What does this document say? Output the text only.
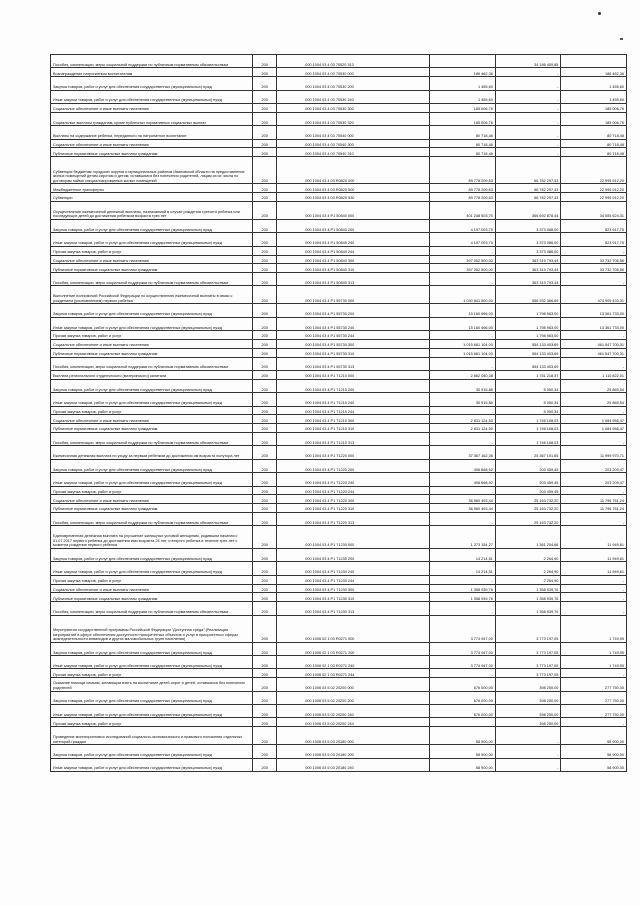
Пособия, компенсации, меры социальной поддержки по публичным нормативным обязательствам	200	000 1004 03 4 03 70520 313		34 186 400,85	
Вознаграждение патронатным воспитателям	200	000 1004 03 4 03 70530 000	186 462,36	-	186 462,36
Закупка товаров, работ и услуг для обеспечения государственных (муниципальных) нужд	200	000 1004 03 4 03 70530 200	1 455,60	-	1 455,60
Иные закупки товаров, работ и услуг для обеспечения государственных (муниципальных) нужд	200	000 1004 03 4 03 70530 240	1 455,60	-	1 455,60
Социальное обеспечение и иные выплаты населению	200	000 1004 03 4 03 70530 300	185 006,76	-	185 006,76
Социальные выплаты гражданам, кроме публичных нормативных социальных выплат	200	000 1004 03 4 03 70530 320	185 006,76	-	185 006,76
Выплаты на содержание ребенка, переданного на патронатное воспитание	200	000 1004 03 4 03 70540 000	80 718,48	-	80 718,48
Социальное обеспечение и иные выплаты населению	200	000 1004 03 4 03 70540 300	80 718,48	-	80 718,48
Публичные нормативные социальные выплаты гражданам	200	000 1004 03 4 03 70540 310	80 718,48	-	80 718,48
Субвенция бюджетам городских округов и муниципальных районов Ивановской области на предоставление жилых помещений детям-сиротам и детям, оставшимся без попечения родителей, лицам из их числа по договорам найма специализированных жилых помещений	200	000 1004 03 4 03 R0820 000	89 778 209,63	66 782 297,43	22 995 912,20
Межбюджетные трансферты	200	000 1004 03 4 03 R0820 500	89 778 209,63	66 782 297,43	22 995 912,20
Субвенции	200	000 1004 03 4 03 R0820 530	89 778 209,63	66 782 297,43	22 995 912,20
Осуществление ежемесячной денежной выплаты, назначаемой в случае рождения третьего ребенка или последующих детей до достижения ребенком возраста трех лет	200	000 1004 03 4 P1 50840 000	401 248 503,75	366 692 878,44	34 555 624,31
Закупка товаров, работ и услуг для обеспечения государственных (муниципальных) нужд	200	000 1004 03 4 P1 50840 200	4 197 003,75	3 373 086,00	823 917,75
Иные закупки товаров, работ и услуг для обеспечения государственных (муниципальных) нужд	200	000 1004 03 4 P1 50840 240	4 197 003,75	3 373 086,00	823 917,75
Прочая закупка товаров, работ и услуг	200	000 1004 03 4 P1 50840 244	-	3 373 086,00	-
Социальное обеспечение и иные выплаты населению	200	000 1004 03 4 P1 50840 300	397 052 500,00	363 319 793,44	33 732 706,56
Публичные нормативные социальные выплаты гражданам	200	000 1004 03 4 P1 50840 310	397 052 500,00	363 319 793,44	33 732 706,56
Пособия, компенсации, меры социальной поддержки по публичным нормативным обязательствам	200	000 1004 03 4 P1 50840 313	-	363 319 793,44	-
Выполнение полномочий Российской Федерации по осуществлению ежемесячной выплаты в связи с рождением (усыновлением) первого ребенка	200	000 1004 03 4 P1 55730 000	1 030 841 800,00	556 932 366,69	474 909 433,31
Закупка товаров, работ и услуг для обеспечения государственных (муниципальных) нужд	200	000 1004 03 4 P1 55730 200	15 160 696,00	1 798 963,00	13 361 733,00
Иные закупки товаров, работ и услуг для обеспечения государственных (муниципальных) нужд	200	000 1004 03 4 P1 55730 240	15 160 696,00	1 798 963,00	13 361 733,00
Прочая закупка товаров, работ и услуг	200	000 1004 03 4 P1 55730 244	-	1 798 963,00	-
Социальное обеспечение и иные выплаты населению	200	000 1004 03 4 P1 55730 300	1 015 681 104,00	554 133 403,69	461 547 700,31
Публичные нормативные социальные выплаты гражданам	200	000 1004 03 4 P1 55730 310	1 015 681 104,00	554 133 403,69	461 547 700,31
Пособия, компенсации, меры социальной поддержки по публичным нормативным обязательствам	200	000 1004 03 4 P1 55730 313	-	554 133 403,69	-
Выплата регионального студенческого (материнского) капитала	200	000 1004 03 4 P1 71210 000	2 862 040,38	1 751 218,37	1 110 822,01
Закупка товаров, работ и услуг для обеспечения государственных (муниципальных) нужд	200	000 1004 03 4 P1 71210 200	30 915,88	5 050,34	25 865,54
Иные закупки товаров, работ и услуг для обеспечения государственных (муниципальных) нужд	200	000 1004 03 4 P1 71210 240	30 915,88	5 050,34	25 865,54
Прочая закупка товаров, работ и услуг	200	000 1004 03 4 P1 71210 244	-	5 050,34	-
Социальное обеспечение и иные выплаты населению	200	000 1004 03 4 P1 71210 300	2 831 124,50	1 746 168,03	1 084 956,47
Публичные нормативные социальные выплаты гражданам	200	000 1004 03 4 P1 71210 310	2 831 124,50	1 746 168,03	1 084 956,47
Пособия, компенсации, меры социальной поддержки по публичным нормативным обязательствам	200	000 1004 03 4 P1 71210 313	-	1 746 168,03	-
Ежемесячная денежная выплата по уходу за первым ребенком до достижения им возраста полутора лет	200	000 1004 03 4 P1 71220 000	37 367 162,36	25 367 191,65	11 999 970,71
Закупка товаров, работ и услуг для обеспечения государственных (муниципальных) нужд	200	000 1004 03 4 P1 71220 200	406 668,92	203 459,45	203 209,47
Иные закупки товаров, работ и услуг для обеспечения государственных (муниципальных) нужд	200	000 1004 03 4 P1 71220 240	406 668,92	203 459,45	203 209,47
Прочая закупка товаров, работ и услуг	200	000 1004 03 4 P1 71220 244	-	203 459,45	-
Социальное обеспечение и иные выплаты населению	200	000 1004 03 4 P1 71220 300	36 960 493,44	25 163 732,20	11 796 761,24
Публичные нормативные социальные выплаты гражданам	200	000 1004 03 4 P1 71220 310	36 960 493,44	25 163 732,20	11 796 761,24
Пособия, компенсации, меры социальной поддержки по публичным нормативным обязательствам	200	000 1004 03 4 P1 71220 313	-	25 163 732,20	-
Единовременная денежная выплата на улучшение жилищных условий женщинам, родившим начиная с 01.07.2017 первого ребенка до достижения ими возраста 24 лет, и второго ребенка в течение трех лет с момента рождения первого ребенка	200	000 1004 03 4 P1 71230 000	1 373 154,27	1 361 204,66	11 949,61
Закупка товаров, работ и услуг для обеспечения государственных (муниципальных) нужд	200	000 1004 03 4 P1 71230 200	14 214,51	2 264,90	11 949,61
Иные закупки товаров, работ и услуг для обеспечения государственных (муниципальных) нужд	200	000 1004 03 4 P1 71230 240	14 214,51	2 264,90	11 949,61
Прочая закупка товаров, работ и услуг	200	000 1004 03 4 P1 71230 244	-	2 264,90	-
Социальное обеспечение и иные выплаты населению	200	000 1004 03 4 P1 71230 300	1 358 939,76	1 358 939,76	-
Публичные нормативные социальные выплаты гражданам	200	000 1004 03 4 P1 71230 310	1 358 939,76	1 358 939,76	-
Пособия, компенсации, меры социальной поддержки по публичным нормативным обязательствам	200	000 1004 03 4 P1 71230 313	-	1 358 939,76	-
Мероприятия государственной программы Российской Федерации "Доступная среда" (Реализация мероприятий в сфере обеспечения доступности приоритетных объектов и услуг в приоритетных сферах жизнедеятельности инвалидов и других маломобильных групп населения)	200	000 1006 02 1 03 R0271 000	3 774 947,00	3 773 197,05	1 749,95
Закупка товаров, работ и услуг для обеспечения государственных (муниципальных) нужд	200	000 1006 02 1 03 R0271 200	3 774 947,00	3 773 197,05	1 749,95
Иные закупки товаров, работ и услуг для обеспечения государственных (муниципальных) нужд	200	000 1006 02 1 03 R0271 240	3 774 947,00	3 773 197,05	1 749,95
Прочая закупка товаров, работ и услуг	200	000 1006 02 1 03 R0271 244	-	3 773 197,05	-
Оказание помощи семьям, желающим взять на воспитание детей-сирот и детей, оставшихся без попечения родителей	200	000 1006 03 5 02 20200 000	676 000,00	398 250,00	277 750,00
Закупка товаров, работ и услуг для обеспечения государственных (муниципальных) нужд	200	000 1006 03 5 02 20200 200	676 000,00	398 250,00	277 750,00
Иные закупки товаров, работ и услуг для обеспечения государственных (муниципальных) нужд	200	000 1006 03 5 02 20200 240	676 000,00	398 250,00	277 750,00
Прочая закупка товаров, работ и услуг	200	000 1006 03 5 02 20200 244	-	398 250,00	-
Проведение мониторинговых исследований социально-экономического и правового положения отдельных категорий граждан	200	000 1006 03 5 03 20180 000	58 900,00	-	58 900,00
Закупка товаров, работ и услуг для обеспечения государственных (муниципальных) нужд	200	000 1006 03 5 03 20180 200	58 900,00	-	58 900,00
Иные закупки товаров, работ и услуг для обеспечения государственных (муниципальных) нужд	200	000 1006 03 5 03 20180 240	58 900,00	-	58 900,00
